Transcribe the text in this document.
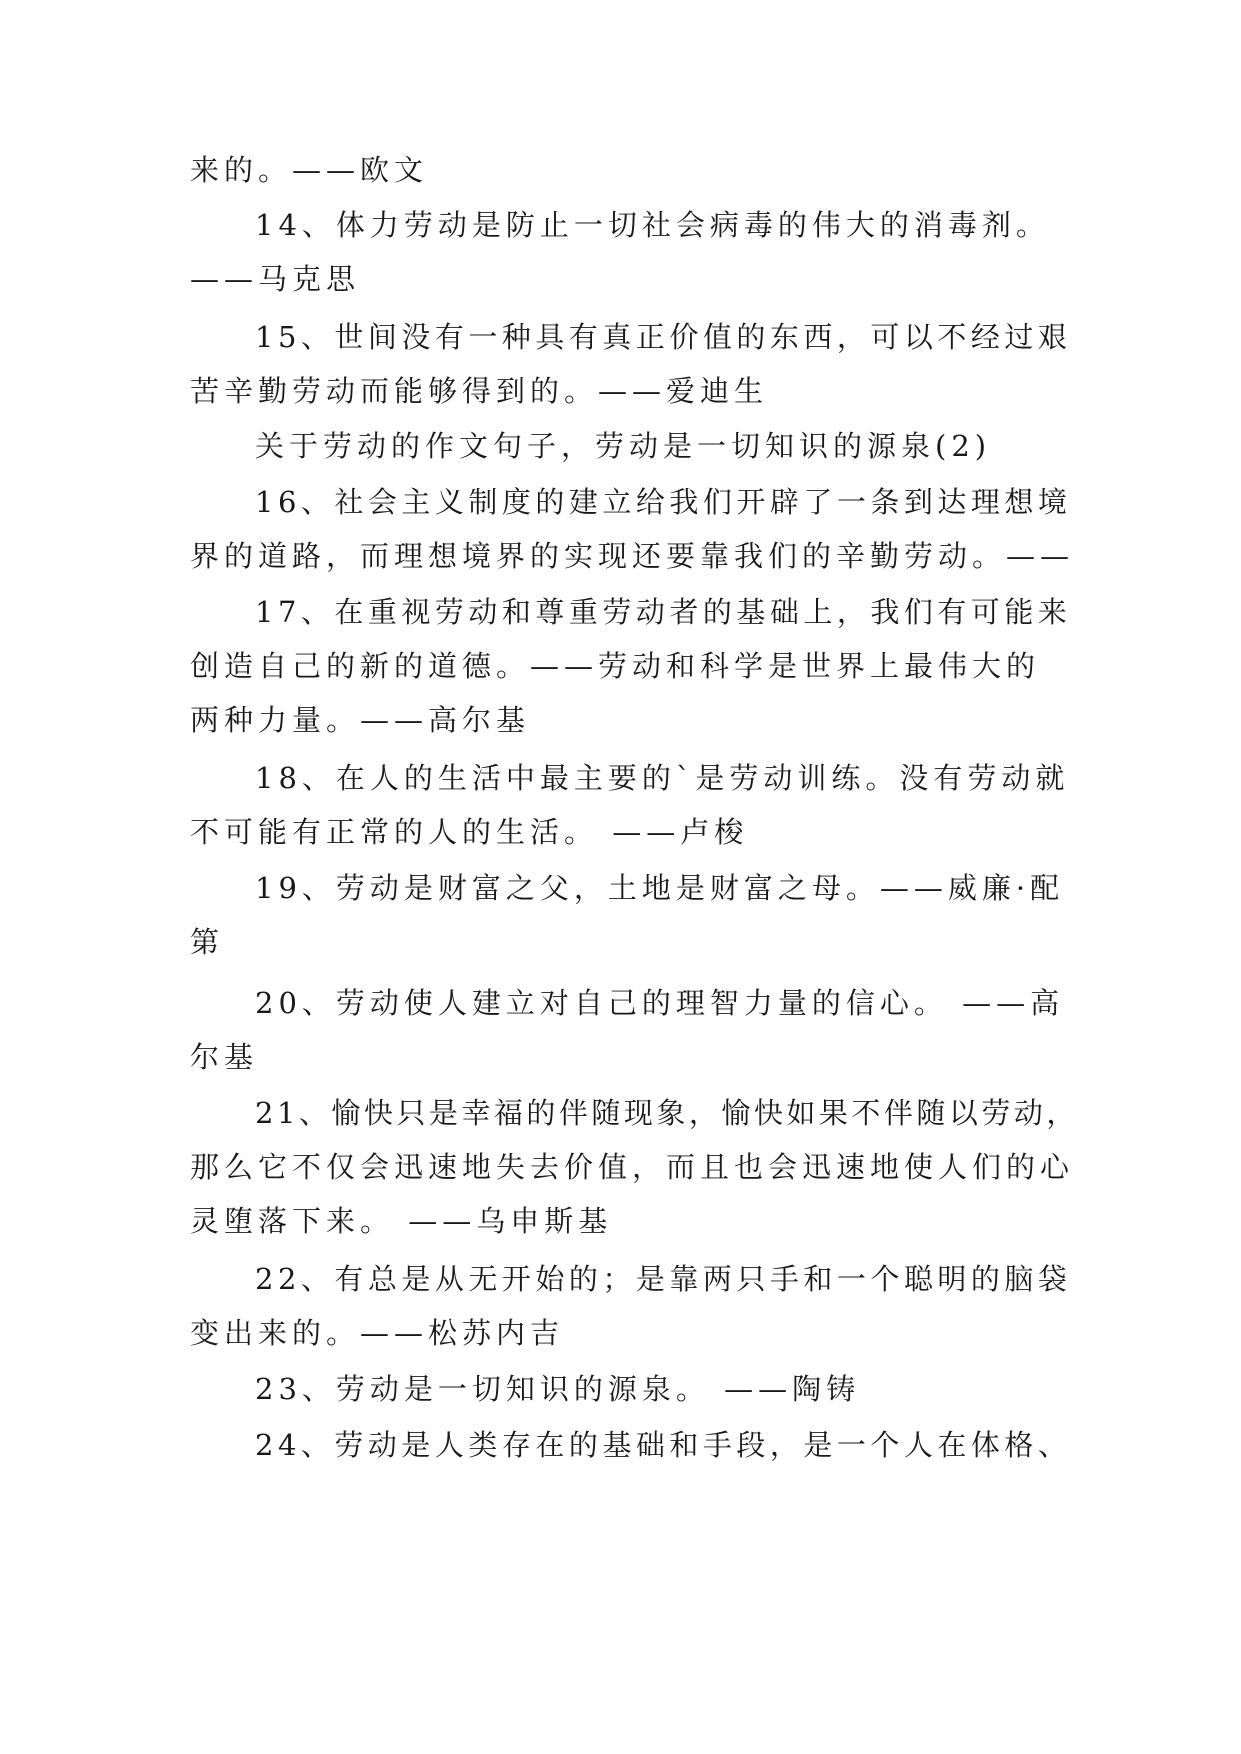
来的。——欧文
14、体力劳动是防止一切社会病毒的伟大的消毒剂。
——马克思
15、世间没有一种具有真正价值的东西，可以不经过艰
苦辛勤劳动而能够得到的。——爱迪生
关于劳动的作文句子，劳动是一切知识的源泉(2)
16、社会主义制度的建立给我们开辟了一条到达理想境
界的道路，而理想境界的实现还要靠我们的辛勤劳动。——
17、在重视劳动和尊重劳动者的基础上，我们有可能来
创造自己的新的道德。——劳动和科学是世界上最伟大的
两种力量。——高尔基
18、在人的生活中最主要的`是劳动训练。没有劳动就
不可能有正常的人的生活。 ——卢梭
19、劳动是财富之父，土地是财富之母。——威廉·配
第
20、劳动使人建立对自己的理智力量的信心。 ——高
尔基
21、愉快只是幸福的伴随现象，愉快如果不伴随以劳动，
那么它不仅会迅速地失去价值，而且也会迅速地使人们的心
灵堕落下来。 ——乌申斯基
22、有总是从无开始的；是靠两只手和一个聪明的脑袋
变出来的。——松苏内吉
23、劳动是一切知识的源泉。 ——陶铸
24、劳动是人类存在的基础和手段，是一个人在体格、
